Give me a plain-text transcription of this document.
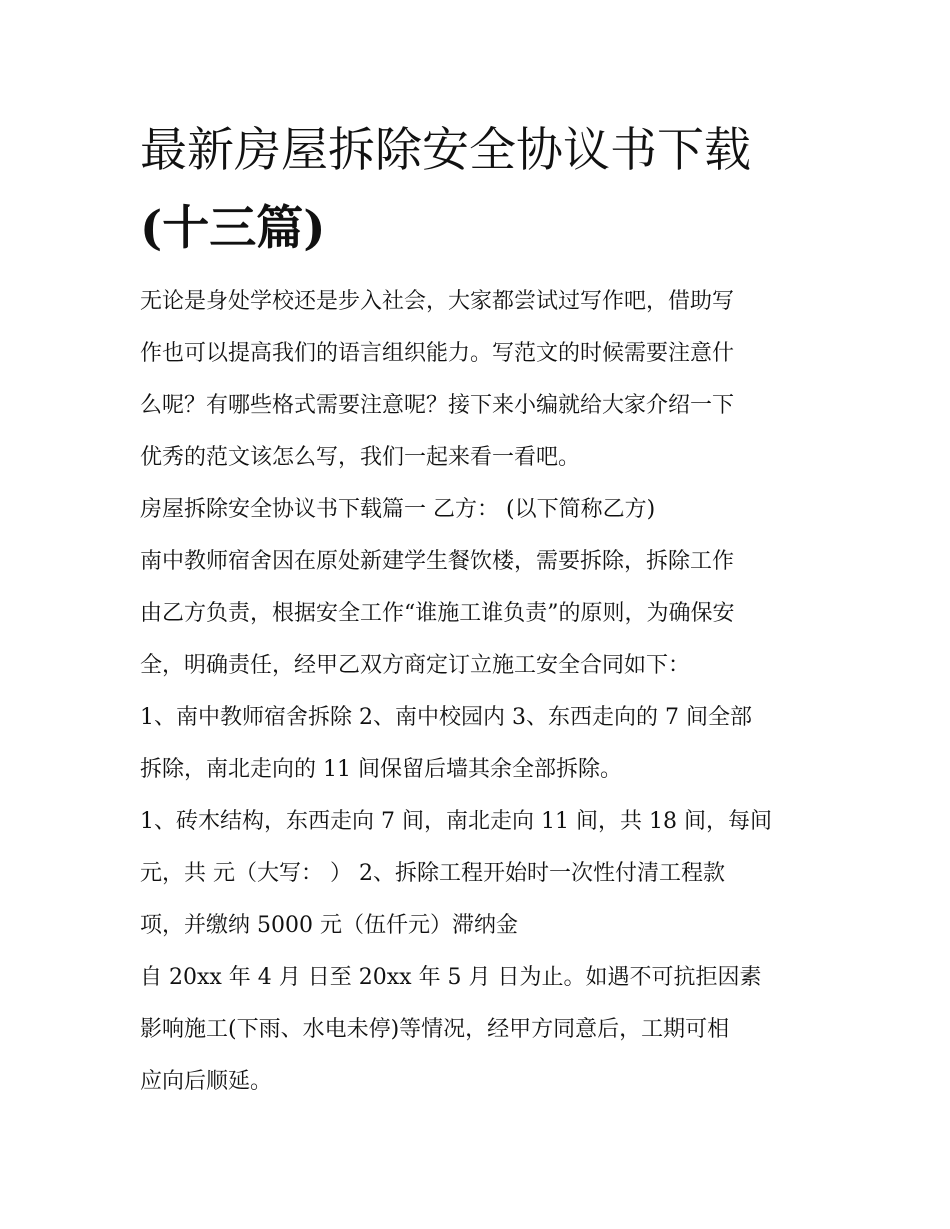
最新房屋拆除安全协议书下载
(十三篇)
无论是身处学校还是步入社会，大家都尝试过写作吧，借助写
作也可以提高我们的语言组织能力。写范文的时候需要注意什
么呢？有哪些格式需要注意呢？接下来小编就给大家介绍一下
优秀的范文该怎么写，我们一起来看一看吧。
房屋拆除安全协议书下载篇一 乙方： (以下简称乙方)
南中教师宿舍因在原处新建学生餐饮楼，需要拆除，拆除工作
由乙方负责，根据安全工作“谁施工谁负责”的原则，为确保安
全，明确责任，经甲乙双方商定订立施工安全合同如下：
1、南中教师宿舍拆除 2、南中校园内 3、东西走向的 7 间全部
拆除，南北走向的 11 间保留后墙其余全部拆除。
1、砖木结构，东西走向 7 间，南北走向 11 间，共 18 间，每间
元，共 元（大写： ） 2、拆除工程开始时一次性付清工程款
项，并缴纳 5000 元（伍仟元）滞纳金
自 20xx 年 4 月 日至 20xx 年 5 月 日为止。如遇不可抗拒因素
影响施工(下雨、水电未停)等情况，经甲方同意后，工期可相
应向后顺延。
